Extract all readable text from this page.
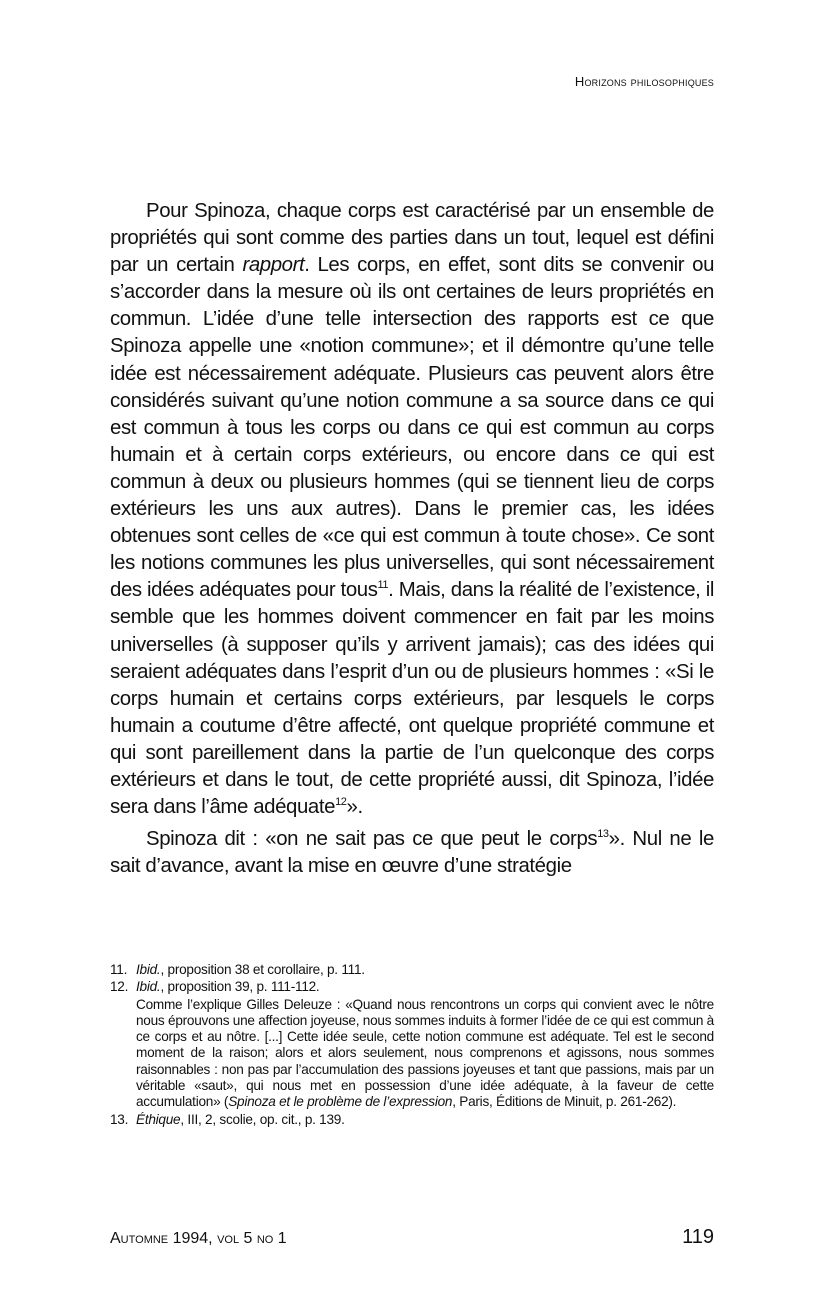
Horizons philosophiques

Pour Spinoza, chaque corps est caractérisé par un ensemble de propriétés qui sont comme des parties dans un tout, lequel est défini par un certain rapport. Les corps, en effet, sont dits se convenir ou s’accorder dans la mesure où ils ont certaines de leurs propriétés en commun. L’idée d’une telle intersection des rapports est ce que Spinoza appelle une «notion commune»; et il démontre qu’une telle idée est nécessairement adéquate. Plusieurs cas peuvent alors être considérés suivant qu’une notion commune a sa source dans ce qui est commun à tous les corps ou dans ce qui est commun au corps humain et à certain corps extérieurs, ou encore dans ce qui est commun à deux ou plusieurs hommes (qui se tiennent lieu de corps extérieurs les uns aux autres). Dans le premier cas, les idées obtenues sont celles de «ce qui est commun à toute chose». Ce sont les notions communes les plus universelles, qui sont nécessairement des idées adéquates pour tous$^{11}$. Mais, dans la réalité de l’existence, il semble que les hommes doivent commencer en fait par les moins universelles (à supposer qu’ils y arrivent jamais); cas des idées qui seraient adéquates dans l’esprit d’un ou de plusieurs hommes : «Si le corps humain et certains corps extérieurs, par lesquels le corps humain a coutume d’être affecté, ont quelque propriété commune et qui sont pareillement dans la partie de l’un quelconque des corps extérieurs et dans le tout, de cette propriété aussi, dit Spinoza, l’idée sera dans l’âme adéquate$^{12}$».

Spinoza dit : «on ne sait pas ce que peut le corps$^{13}$». Nul ne le sait d’avance, avant la mise en œuvre d’une stratégie

11. Ibid., proposition 38 et corollaire, p. 111.

12. Ibid., proposition 39, p. 111-112.

Comme l’explique Gilles Deleuze : «Quand nous rencontrons un corps qui convient avec le nôtre nous éprouvons une affection joyeuse, nous sommes induits à former l’idée de ce qui est commun à ce corps et au nôtre. [...] Cette idée seule, cette notion commune est adéquate. Tel est le second moment de la raison; alors et alors seulement, nous comprenons et agissons, nous sommes raisonnables : non pas par l’accumulation des passions joyeuses et tant que passions, mais par un véritable «saut», qui nous met en possession d’une idée adéquate, à la faveur de cette accumulation» (Spinoza et le problème de l’expression, Paris, Éditions de Minuit, p. 261-262).

13. Éthique, III, 2, scolie, op. cit., p. 139.

Automne 1994, vol 5 no 1	119
